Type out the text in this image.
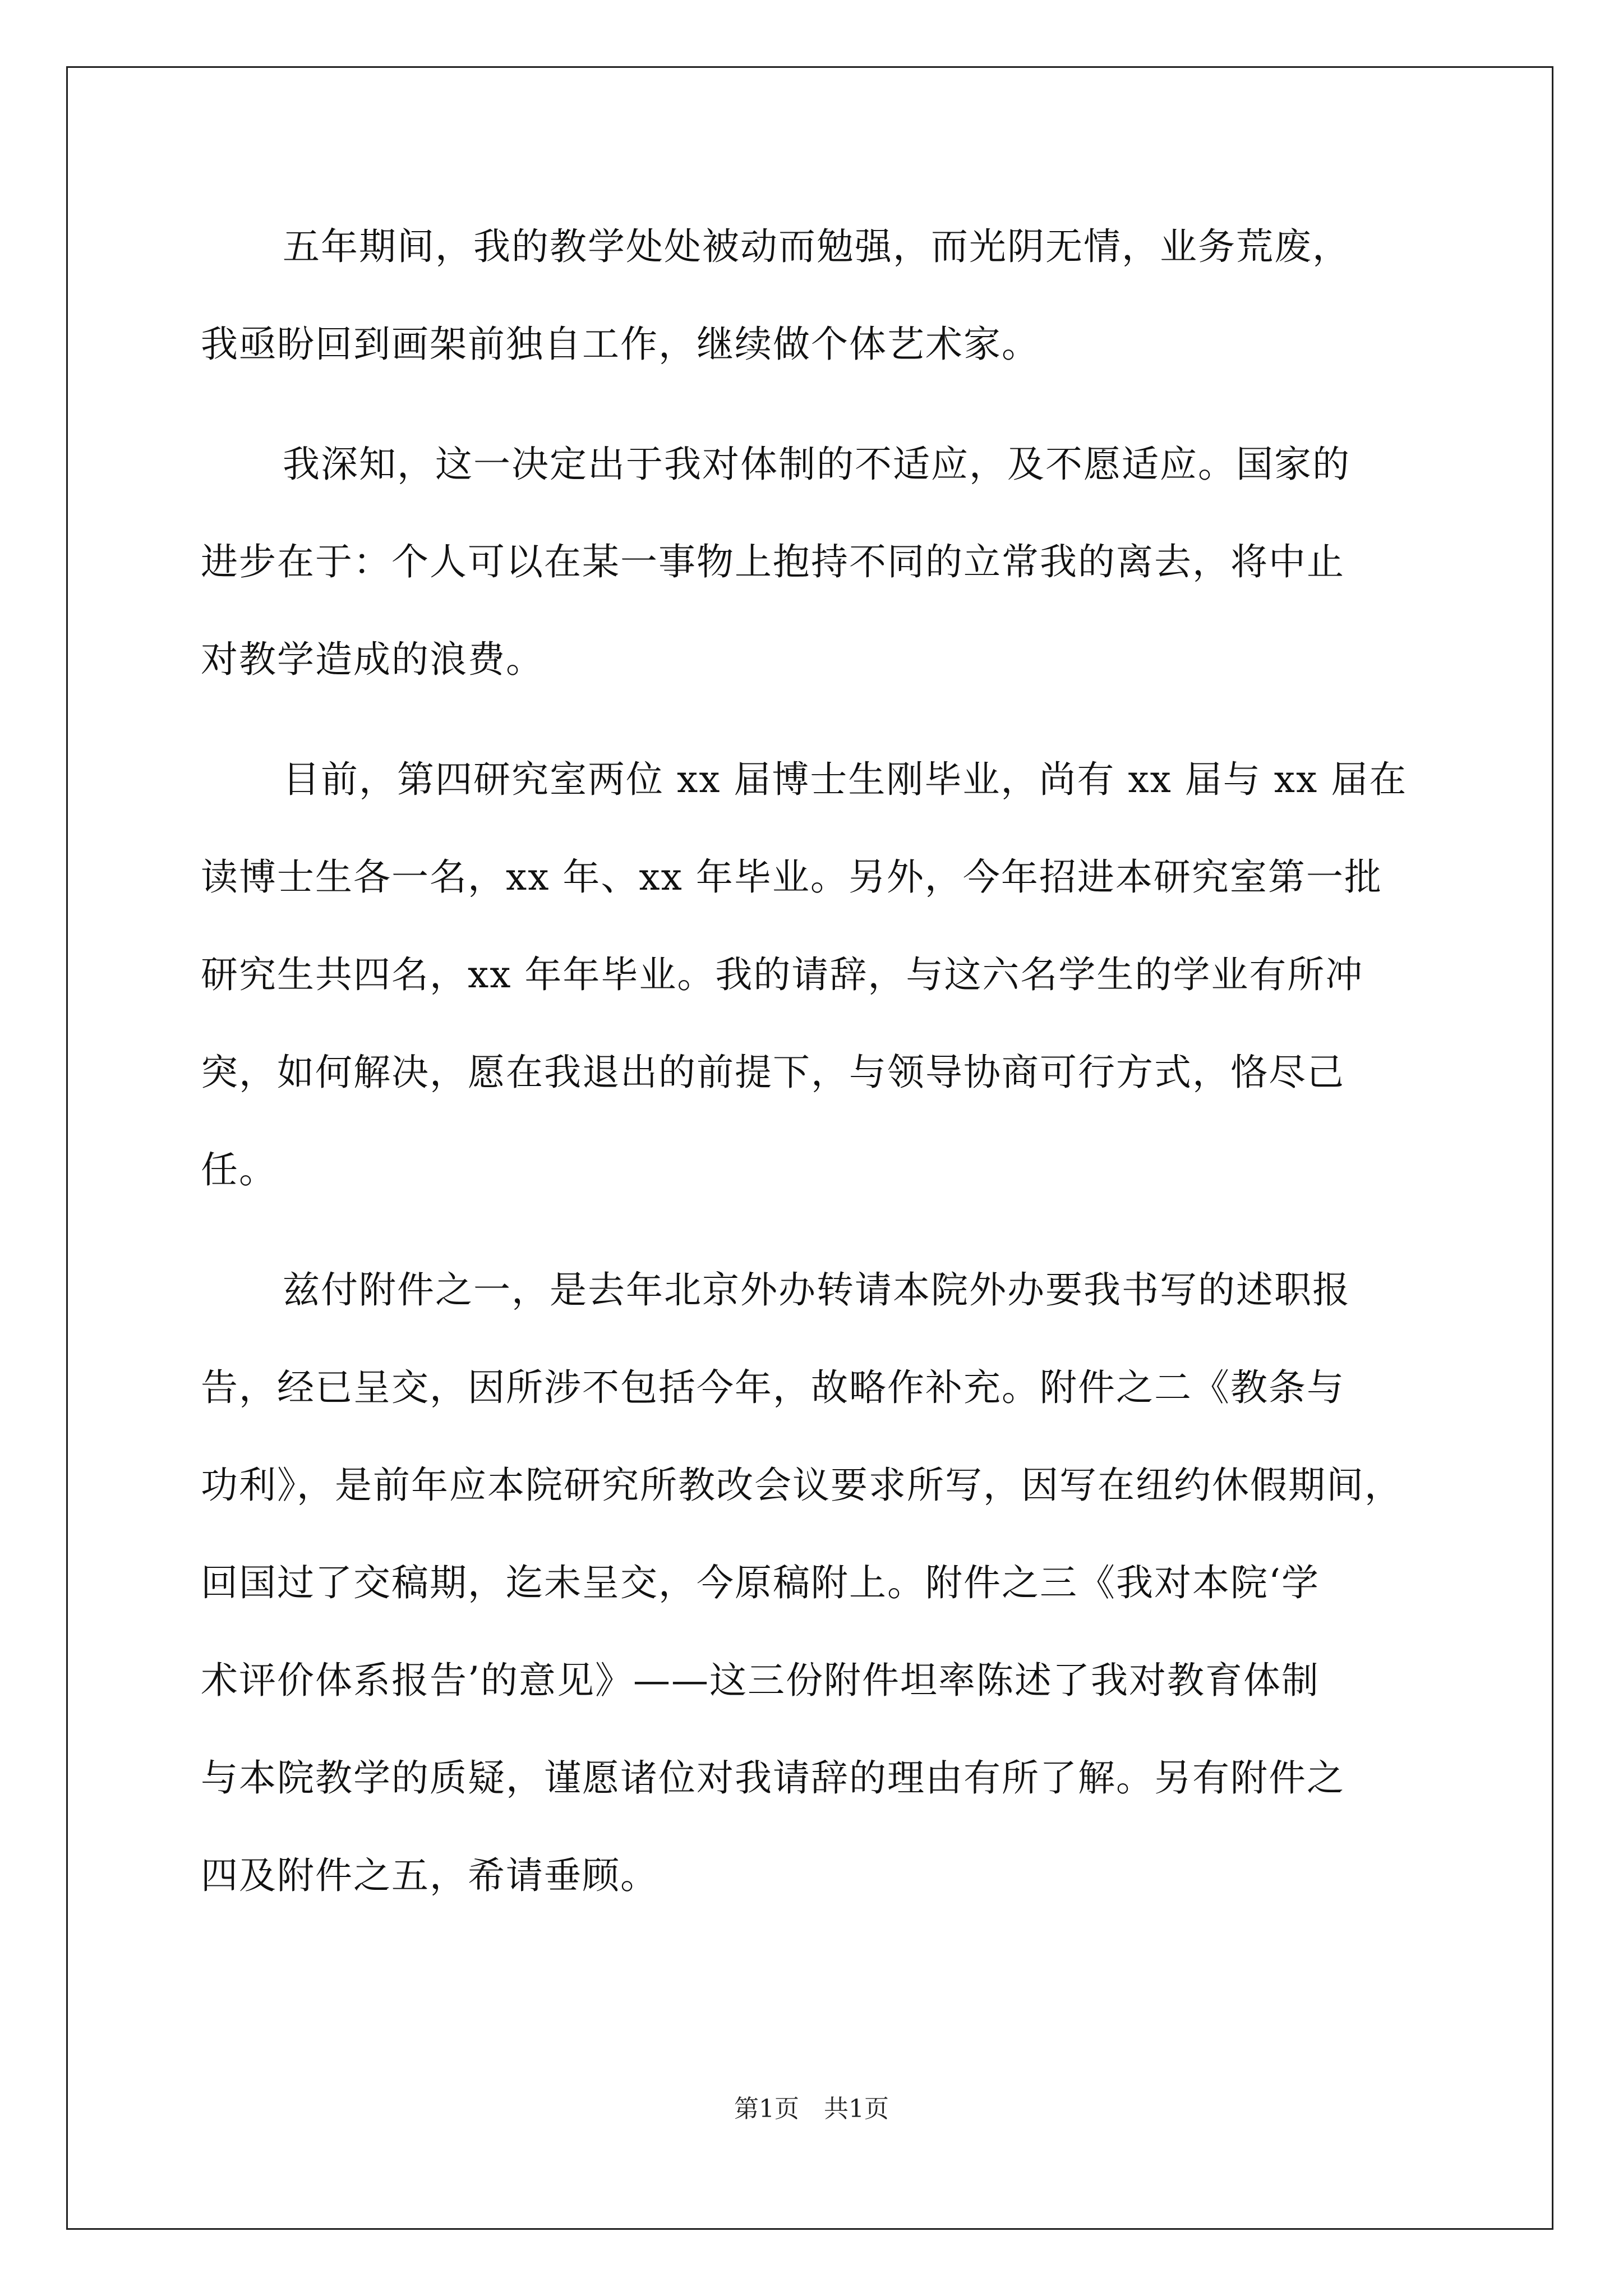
五年期间，我的教学处处被动而勉强，而光阴无情，业务荒废，
我亟盼回到画架前独自工作，继续做个体艺术家。
我深知，这一决定出于我对体制的不适应，及不愿适应。国家的
进步在于：个人可以在某一事物上抱持不同的立常我的离去，将中止
对教学造成的浪费。
目前，第四研究室两位 xx 届博士生刚毕业，尚有 xx 届与 xx 届在
读博士生各一名，xx 年、xx 年毕业。另外，今年招进本研究室第一批
研究生共四名，xx 年年毕业。我的请辞，与这六名学生的学业有所冲
突，如何解决，愿在我退出的前提下，与领导协商可行方式，恪尽己
任。
兹付附件之一，是去年北京外办转请本院外办要我书写的述职报
告，经已呈交，因所涉不包括今年，故略作补充。附件之二《教条与
功利》，是前年应本院研究所教改会议要求所写，因写在纽约休假期间，
回国过了交稿期，迄未呈交，今原稿附上。附件之三《我对本院‘学
术评价体系报告’的意见》——这三份附件坦率陈述了我对教育体制
与本院教学的质疑，谨愿诸位对我请辞的理由有所了解。另有附件之
四及附件之五，希请垂顾。
第1页　共1页
